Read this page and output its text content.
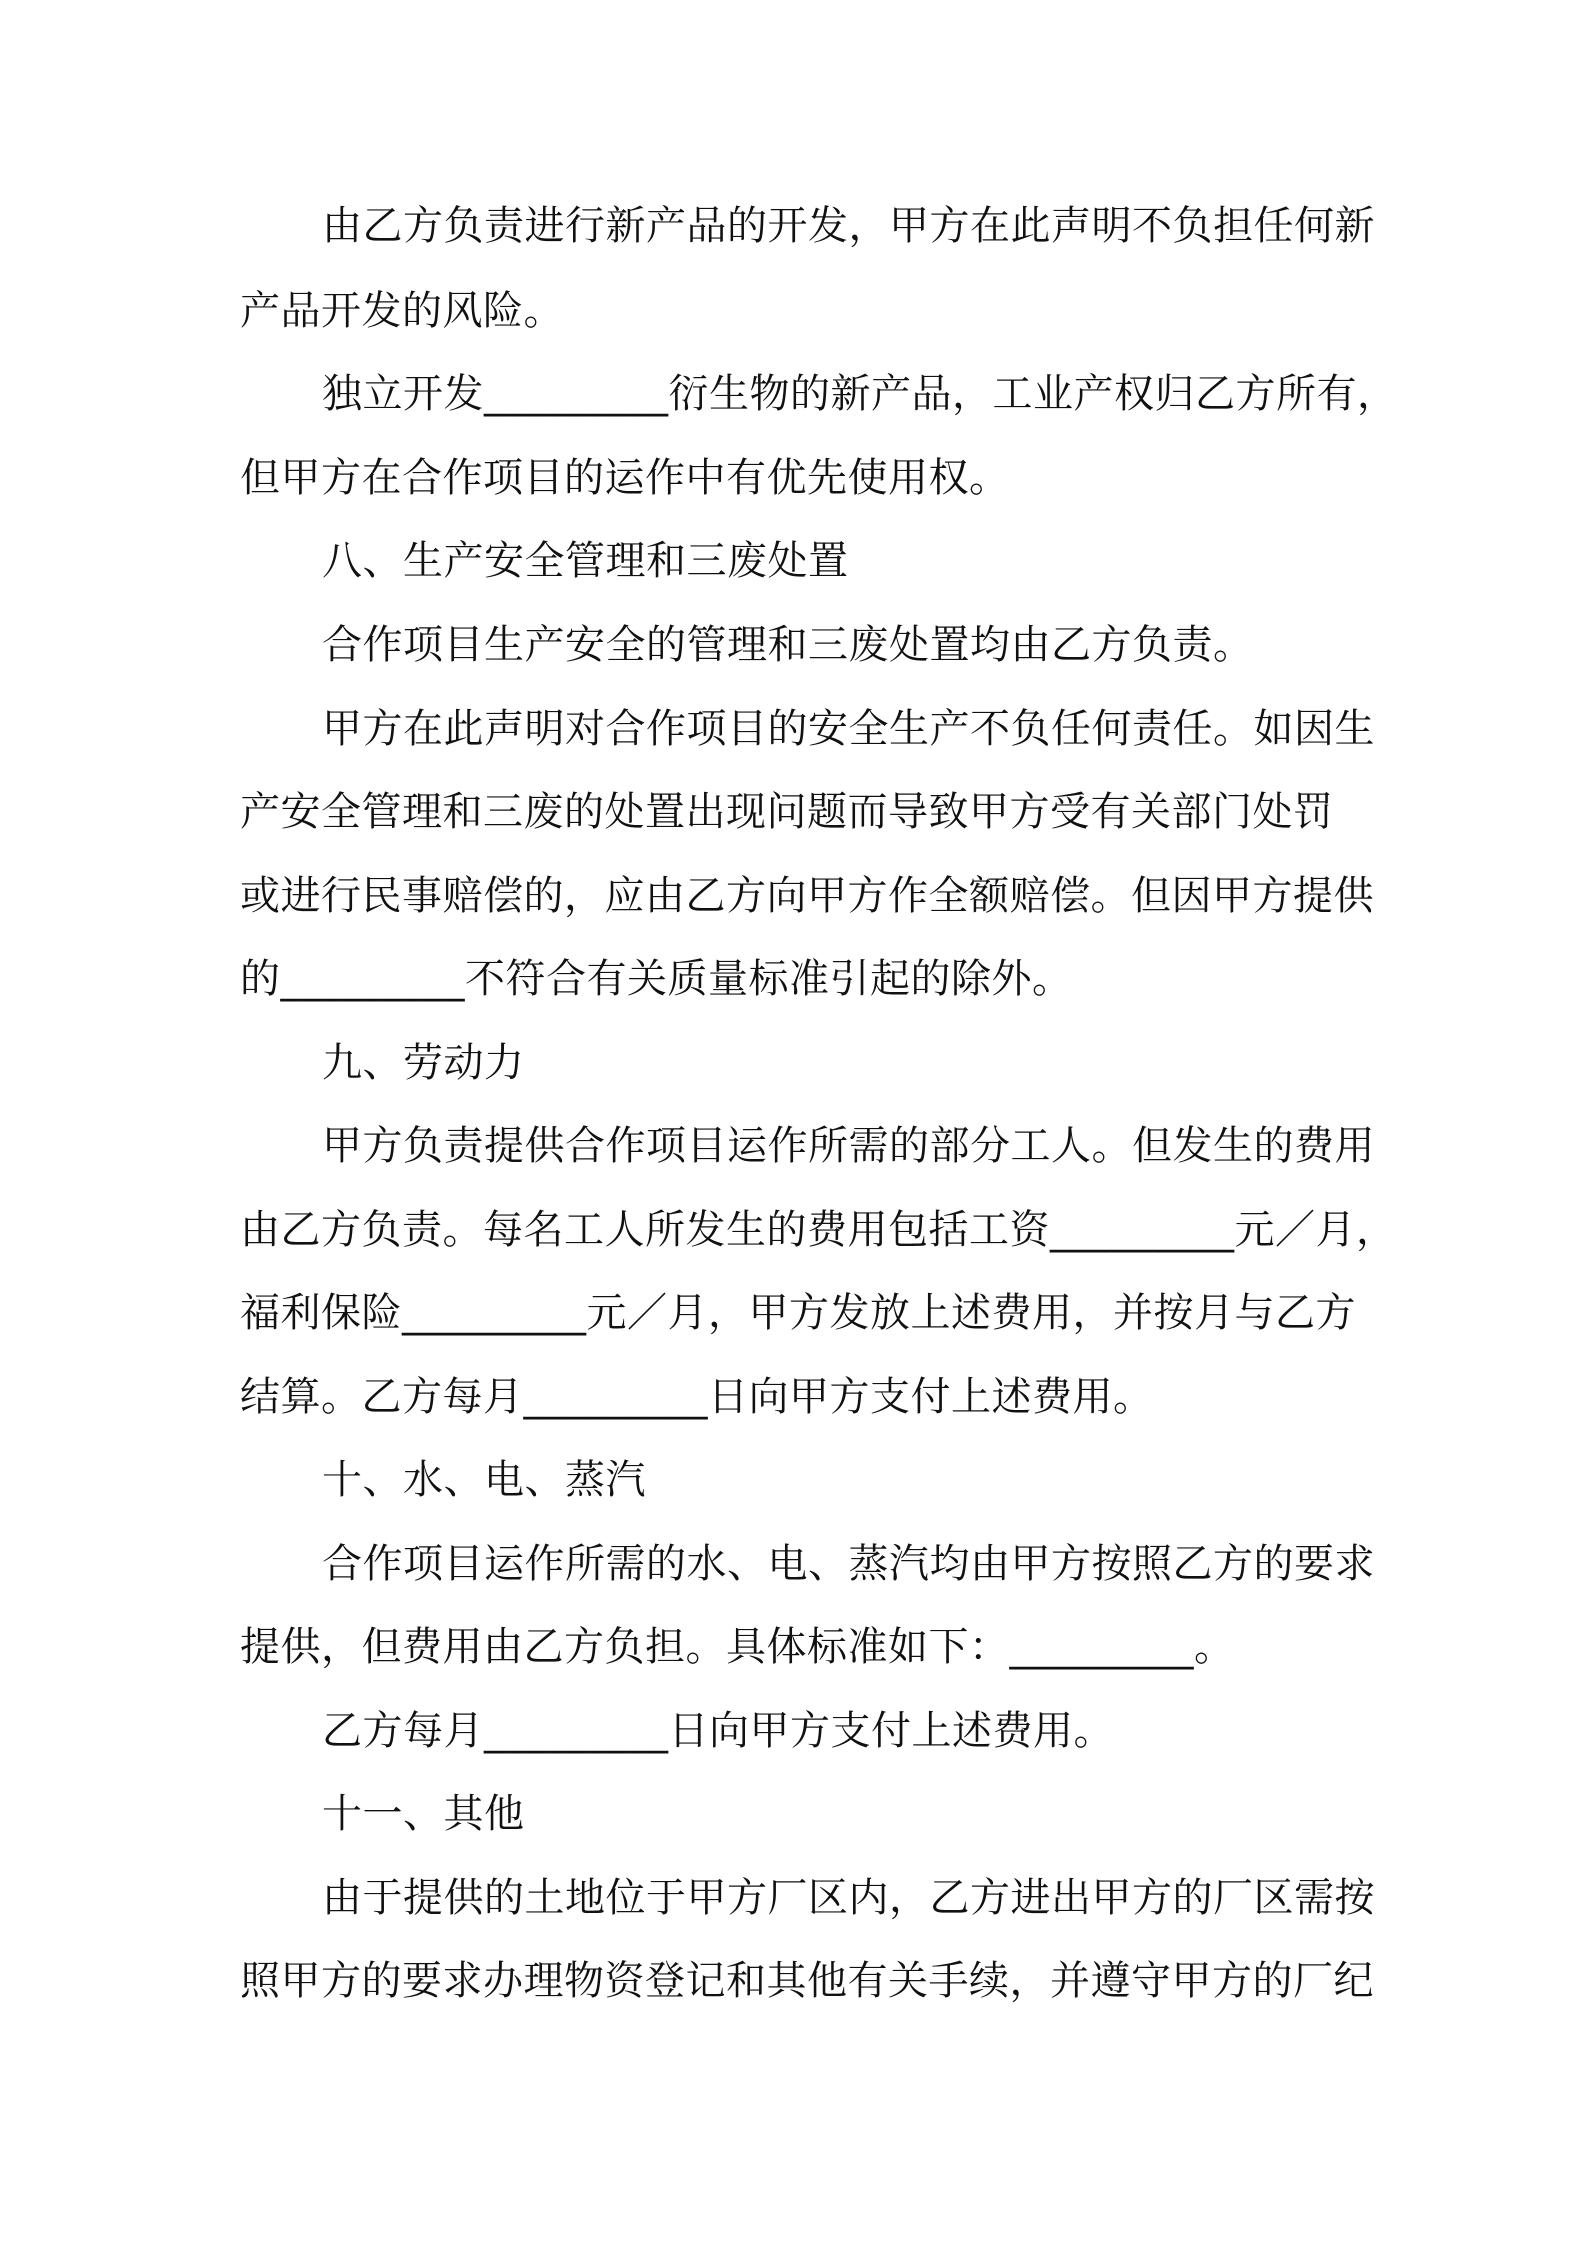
由乙方负责进行新产品的开发，甲方在此声明不负担任何新
产品开发的风险。
独立开发_________衍生物的新产品，工业产权归乙方所有，
但甲方在合作项目的运作中有优先使用权。
八、生产安全管理和三废处置
合作项目生产安全的管理和三废处置均由乙方负责。
甲方在此声明对合作项目的安全生产不负任何责任。如因生
产安全管理和三废的处置出现问题而导致甲方受有关部门处罚
或进行民事赔偿的，应由乙方向甲方作全额赔偿。但因甲方提供
的_________不符合有关质量标准引起的除外。
九、劳动力
甲方负责提供合作项目运作所需的部分工人。但发生的费用
由乙方负责。每名工人所发生的费用包括工资_________元／月，
福利保险_________元／月，甲方发放上述费用，并按月与乙方
结算。乙方每月_________日向甲方支付上述费用。
十、水、电、蒸汽
合作项目运作所需的水、电、蒸汽均由甲方按照乙方的要求
提供，但费用由乙方负担。具体标准如下：_________。
乙方每月_________日向甲方支付上述费用。
十一、其他
由于提供的土地位于甲方厂区内，乙方进出甲方的厂区需按
照甲方的要求办理物资登记和其他有关手续，并遵守甲方的厂纪
